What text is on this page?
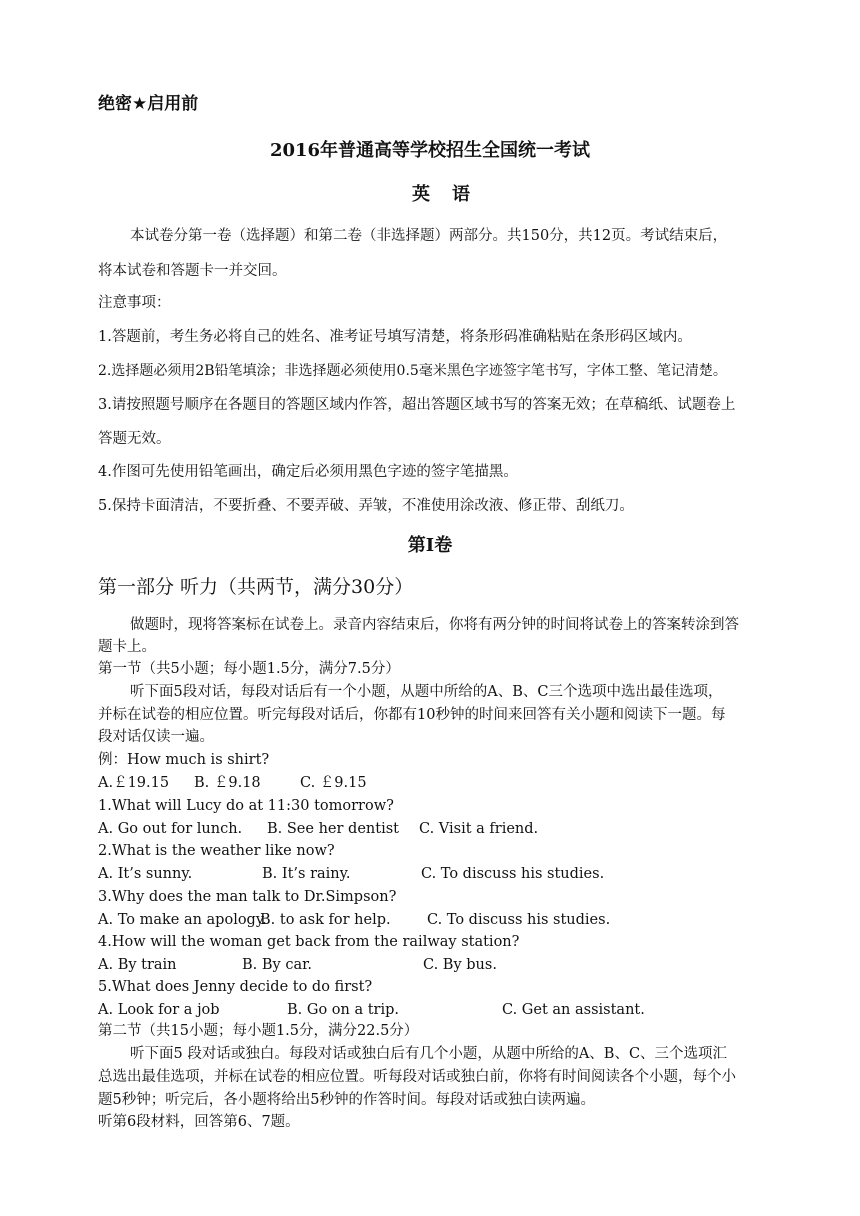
绝密★启用前
2016年普通高等学校招生全国统一考试
英语
本试卷分第一卷（选择题）和第二卷（非选择题）两部分。共150分，共12页。考试结束后，
将本试卷和答题卡一并交回。
注意事项：
1.答题前，考生务必将自己的姓名、准考证号填写清楚，将条形码准确粘贴在条形码区域内。
2.选择题必须用2B铅笔填涂；非选择题必须使用0.5毫米黑色字迹签字笔书写，字体工整、笔记清楚。
3.请按照题号顺序在各题目的答题区域内作答，超出答题区域书写的答案无效；在草稿纸、试题卷上
答题无效。
4.作图可先使用铅笔画出，确定后必须用黑色字迹的签字笔描黑。
5.保持卡面清洁，不要折叠、不要弄破、弄皱，不准使用涂改液、修正带、刮纸刀。
第Ⅰ卷
第一部分 听力（共两节，满分30分）
做题时，现将答案标在试卷上。录音内容结束后，你将有两分钟的时间将试卷上的答案转涂到答
题卡上。
第一节（共5小题；每小题1.5分，满分7.5分）
听下面5段对话，每段对话后有一个小题，从题中所给的A、B、C三个选项中选出最佳选项，
并标在试卷的相应位置。听完每段对话后，你都有10秒钟的时间来回答有关小题和阅读下一题。每
段对话仅读一遍。
例：How much is shirt?
A.￡19.15 B. ￡9.18	C. ￡9.15
1.What will Lucy do at 11:30 tomorrow?
A. Go out for lunch. B. See her dentist C. Visit a friend.
2.What is the weather like now?
A. It’s sunny.	B. It’s rainy.	C. To discuss his studies.
3.Why does the man talk to Dr.Simpson?
A. To make an apology.
B. to ask for help.	C. To discuss his studies.
4.How will the woman get back from the railway station?
A. By train	B. By car.	C. By bus.
5.What does Jenny decide to do first?
A. Look for a job	B. Go on a trip.	C. Get an assistant.
第二节（共15小题；每小题1.5分，满分22.5分）
听下面5 段对话或独白。每段对话或独白后有几个小题，从题中所给的A、B、C、三个选项汇
总选出最佳选项，并标在试卷的相应位置。听每段对话或独白前，你将有时间阅读各个小题，每个小
题5秒钟；听完后，各小题将给出5秒钟的作答时间。每段对话或独白读两遍。
听第6段材料，回答第6、7题。
